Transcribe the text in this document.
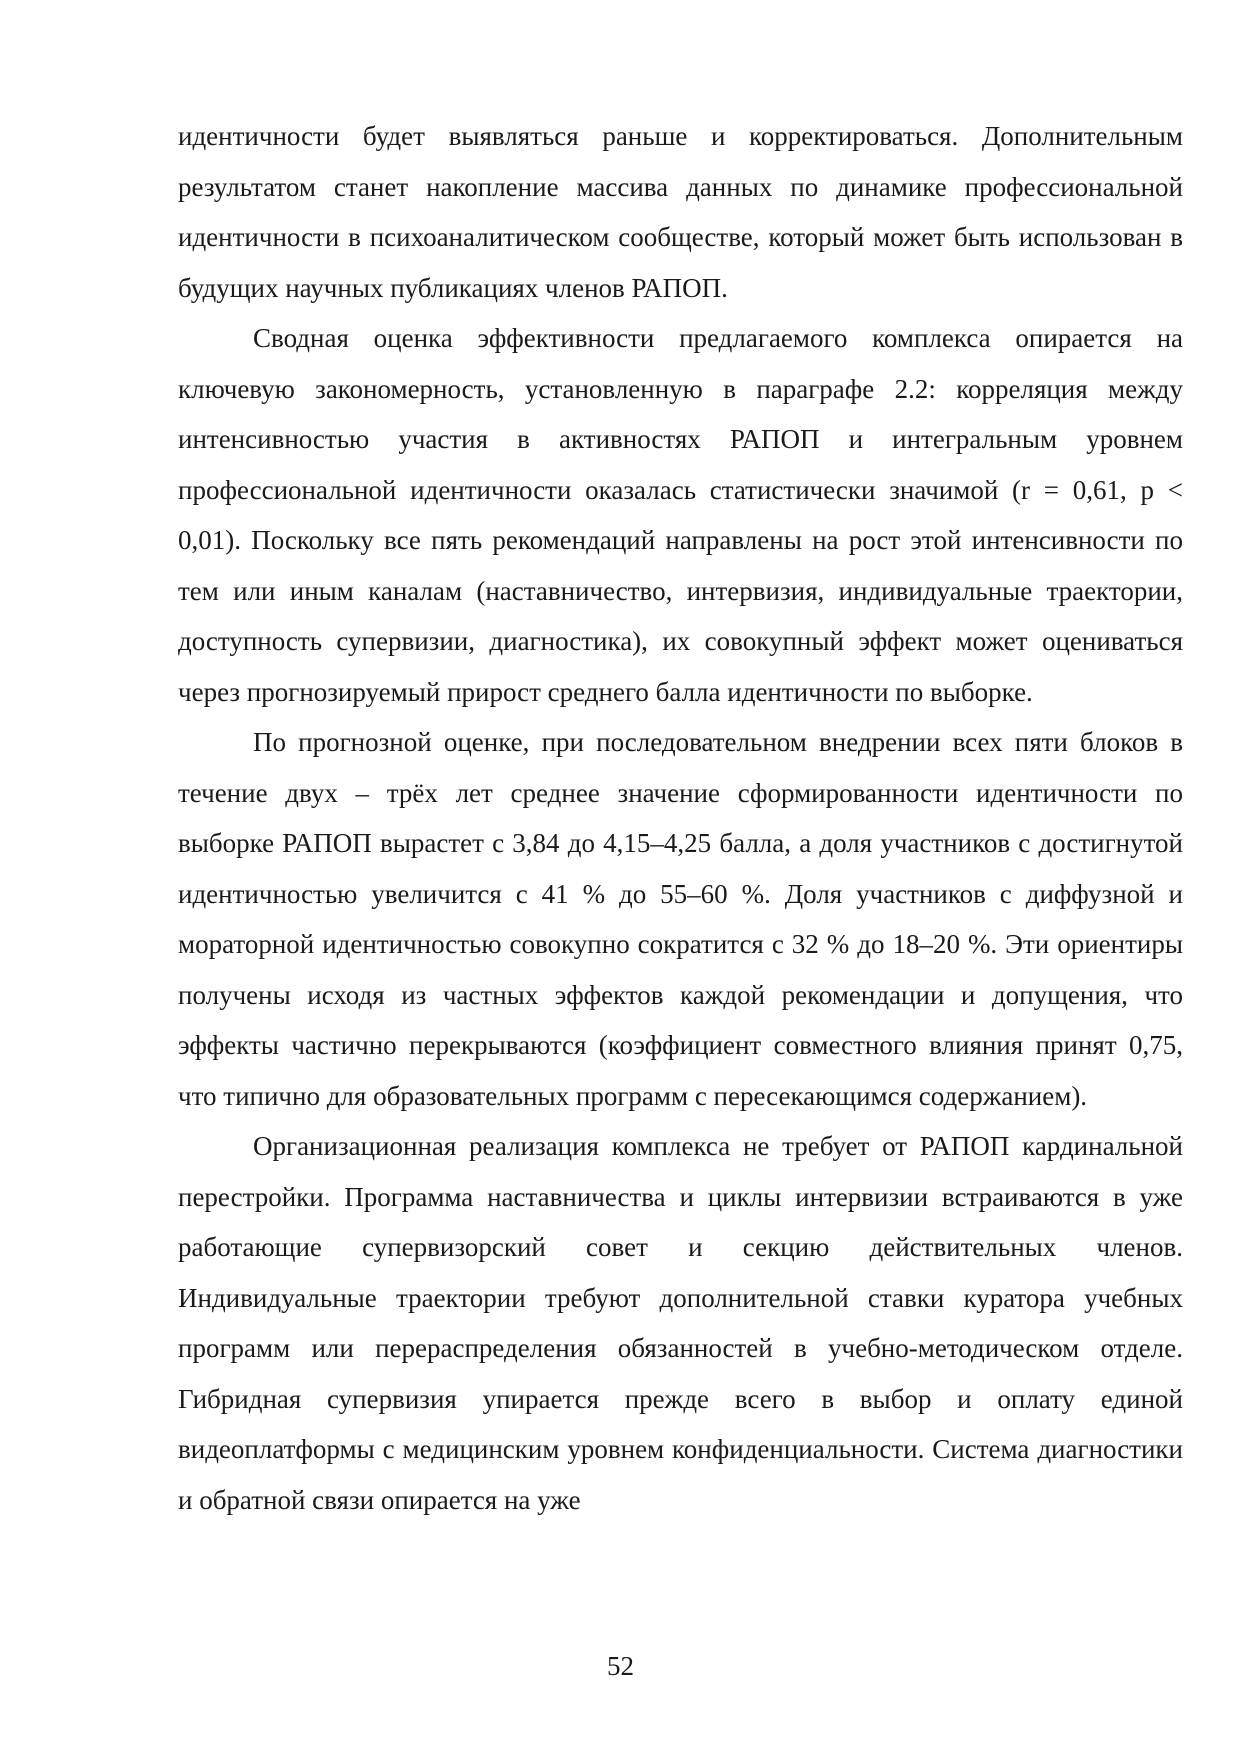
идентичности будет выявляться раньше и корректироваться. Дополнительным результатом станет накопление массива данных по динамике профессиональной идентичности в психоаналитическом сообществе, который может быть использован в будущих научных публикациях членов РАПОП.

Сводная оценка эффективности предлагаемого комплекса опирается на ключевую закономерность, установленную в параграфе 2.2: корреляция между интенсивностью участия в активностях РАПОП и интегральным уровнем профессиональной идентичности оказалась статистически значимой (r = 0,61, p < 0,01). Поскольку все пять рекомендаций направлены на рост этой интенсивности по тем или иным каналам (наставничество, интервизия, индивидуальные траектории, доступность супервизии, диагностика), их совокупный эффект может оцениваться через прогнозируемый прирост среднего балла идентичности по выборке.

По прогнозной оценке, при последовательном внедрении всех пяти блоков в течение двух – трёх лет среднее значение сформированности идентичности по выборке РАПОП вырастет с 3,84 до 4,15–4,25 балла, а доля участников с достигнутой идентичностью увеличится с 41 % до 55–60 %. Доля участников с диффузной и мораторной идентичностью совокупно сократится с 32 % до 18–20 %. Эти ориентиры получены исходя из частных эффектов каждой рекомендации и допущения, что эффекты частично перекрываются (коэффициент совместного влияния принят 0,75, что типично для образовательных программ с пересекающимся содержанием).

Организационная реализация комплекса не требует от РАПОП кардинальной перестройки. Программа наставничества и циклы интервизии встраиваются в уже работающие супервизорский совет и секцию действительных членов. Индивидуальные траектории требуют дополнительной ставки куратора учебных программ или перераспределения обязанностей в учебно-методическом отделе. Гибридная супервизия упирается прежде всего в выбор и оплату единой видеоплатформы с медицинским уровнем конфиденциальности. Система диагностики и обратной связи опирается на уже

52
